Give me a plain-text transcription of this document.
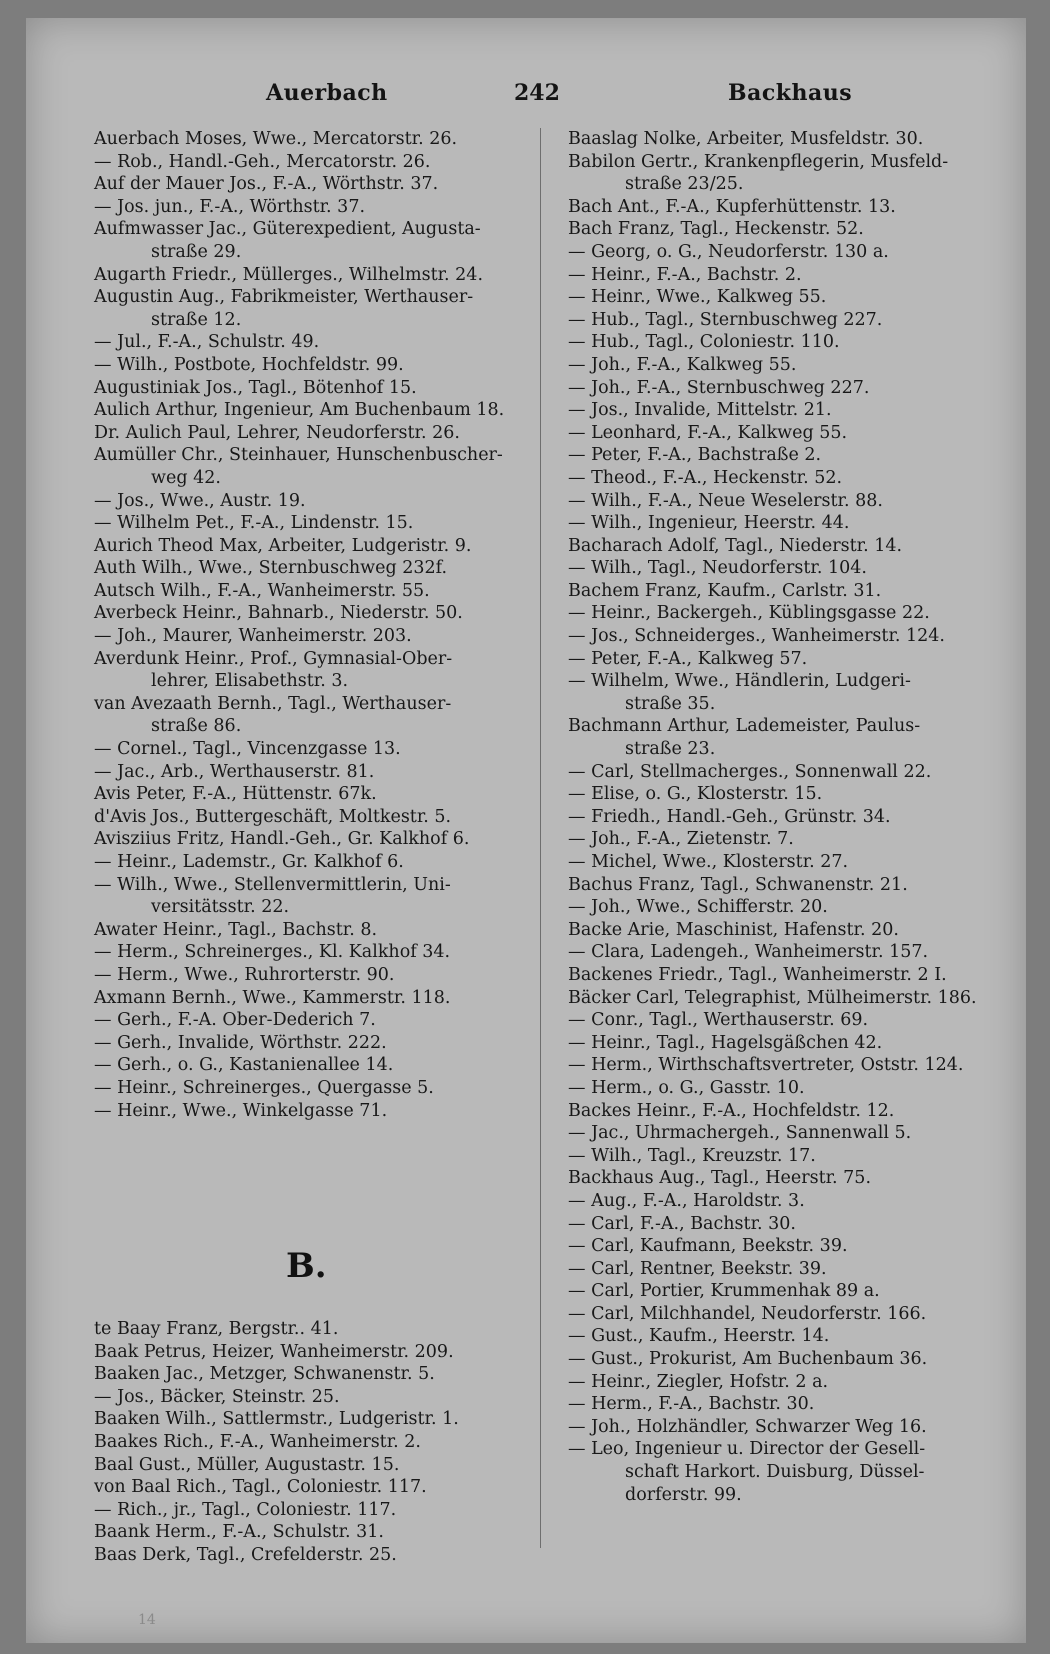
Auerbach	242	Backhaus
Auerbach Moses, Wwe., Mercatorstr. 26.
— Rob., Handl.-Geh., Mercatorstr. 26.
Auf der Mauer Jos., F.-A., Wörthstr. 37.
— Jos. jun., F.-A., Wörthstr. 37.
Aufmwasser Jac., Güterexpedient, Augusta-
straße 29.
Augarth Friedr., Müllerges., Wilhelmstr. 24.
Augustin Aug., Fabrikmeister, Werthauser-
straße 12.
— Jul., F.-A., Schulstr. 49.
— Wilh., Postbote, Hochfeldstr. 99.
Augustiniak Jos., Tagl., Bötenhof 15.
Aulich Arthur, Ingenieur, Am Buchenbaum 18.
Dr. Aulich Paul, Lehrer, Neudorferstr. 26.
Aumüller Chr., Steinhauer, Hunschenbuscher-
weg 42.
— Jos., Wwe., Austr. 19.
— Wilhelm Pet., F.-A., Lindenstr. 15.
Aurich Theod Max, Arbeiter, Ludgeristr. 9.
Auth Wilh., Wwe., Sternbuschweg 232f.
Autsch Wilh., F.-A., Wanheimerstr. 55.
Averbeck Heinr., Bahnarb., Niederstr. 50.
— Joh., Maurer, Wanheimerstr. 203.
Averdunk Heinr., Prof., Gymnasial-Ober-
lehrer, Elisabethstr. 3.
van Avezaath Bernh., Tagl., Werthauser-
straße 86.
— Cornel., Tagl., Vincenzgasse 13.
— Jac., Arb., Werthauserstr. 81.
Avis Peter, F.-A., Hüttenstr. 67k.
d'Avis Jos., Buttergeschäft, Moltkestr. 5.
Avisziius Fritz, Handl.-Geh., Gr. Kalkhof 6.
— Heinr., Lademstr., Gr. Kalkhof 6.
— Wilh., Wwe., Stellenvermittlerin, Uni-
versitätsstr. 22.
Awater Heinr., Tagl., Bachstr. 8.
— Herm., Schreinerges., Kl. Kalkhof 34.
— Herm., Wwe., Ruhrorterstr. 90.
Axmann Bernh., Wwe., Kammerstr. 118.
— Gerh., F.-A. Ober-Dederich 7.
— Gerh., Invalide, Wörthstr. 222.
— Gerh., o. G., Kastanienallee 14.
— Heinr., Schreinerges., Quergasse 5.
— Heinr., Wwe., Winkelgasse 71.
B.
te Baay Franz, Bergstr.. 41.
Baak Petrus, Heizer, Wanheimerstr. 209.
Baaken Jac., Metzger, Schwanenstr. 5.
— Jos., Bäcker, Steinstr. 25.
Baaken Wilh., Sattlermstr., Ludgeristr. 1.
Baakes Rich., F.-A., Wanheimerstr. 2.
Baal Gust., Müller, Augustastr. 15.
von Baal Rich., Tagl., Coloniestr. 117.
— Rich., jr., Tagl., Coloniestr. 117.
Baank Herm., F.-A., Schulstr. 31.
Baas Derk, Tagl., Crefelderstr. 25.
Baaslag Nolke, Arbeiter, Musfeldstr. 30.
Babilon Gertr., Krankenpflegerin, Musfeld-
straße 23/25.
Bach Ant., F.-A., Kupferhüttenstr. 13.
Bach Franz, Tagl., Heckenstr. 52.
— Georg, o. G., Neudorferstr. 130 a.
— Heinr., F.-A., Bachstr. 2.
— Heinr., Wwe., Kalkweg 55.
— Hub., Tagl., Sternbuschweg 227.
— Hub., Tagl., Coloniestr. 110.
— Joh., F.-A., Kalkweg 55.
— Joh., F.-A., Sternbuschweg 227.
— Jos., Invalide, Mittelstr. 21.
— Leonhard, F.-A., Kalkweg 55.
— Peter, F.-A., Bachstraße 2.
— Theod., F.-A., Heckenstr. 52.
— Wilh., F.-A., Neue Weselerstr. 88.
— Wilh., Ingenieur, Heerstr. 44.
Bacharach Adolf, Tagl., Niederstr. 14.
— Wilh., Tagl., Neudorferstr. 104.
Bachem Franz, Kaufm., Carlstr. 31.
— Heinr., Backergeh., Küblingsgasse 22.
— Jos., Schneiderges., Wanheimerstr. 124.
— Peter, F.-A., Kalkweg 57.
— Wilhelm, Wwe., Händlerin, Ludgeri-
straße 35.
Bachmann Arthur, Lademeister, Paulus-
straße 23.
— Carl, Stellmacherges., Sonnenwall 22.
— Elise, o. G., Klosterstr. 15.
— Friedh., Handl.-Geh., Grünstr. 34.
— Joh., F.-A., Zietenstr. 7.
— Michel, Wwe., Klosterstr. 27.
Bachus Franz, Tagl., Schwanenstr. 21.
— Joh., Wwe., Schifferstr. 20.
Backe Arie, Maschinist, Hafenstr. 20.
— Clara, Ladengeh., Wanheimerstr. 157.
Backenes Friedr., Tagl., Wanheimerstr. 2 I.
Bäcker Carl, Telegraphist, Mülheimerstr. 186.
— Conr., Tagl., Werthauserstr. 69.
— Heinr., Tagl., Hagelsgäßchen 42.
— Herm., Wirthschaftsvertreter, Oststr. 124.
— Herm., o. G., Gasstr. 10.
Backes Heinr., F.-A., Hochfeldstr. 12.
— Jac., Uhrmachergeh., Sannenwall 5.
— Wilh., Tagl., Kreuzstr. 17.
Backhaus Aug., Tagl., Heerstr. 75.
— Aug., F.-A., Haroldstr. 3.
— Carl, F.-A., Bachstr. 30.
— Carl, Kaufmann, Beekstr. 39.
— Carl, Rentner, Beekstr. 39.
— Carl, Portier, Krummenhak 89 a.
— Carl, Milchhandel, Neudorferstr. 166.
— Gust., Kaufm., Heerstr. 14.
— Gust., Prokurist, Am Buchenbaum 36.
— Heinr., Ziegler, Hofstr. 2 a.
— Herm., F.-A., Bachstr. 30.
— Joh., Holzhändler, Schwarzer Weg 16.
— Leo, Ingenieur u. Director der Gesell-
schaft Harkort. Duisburg, Düssel-
dorferstr. 99.
14
